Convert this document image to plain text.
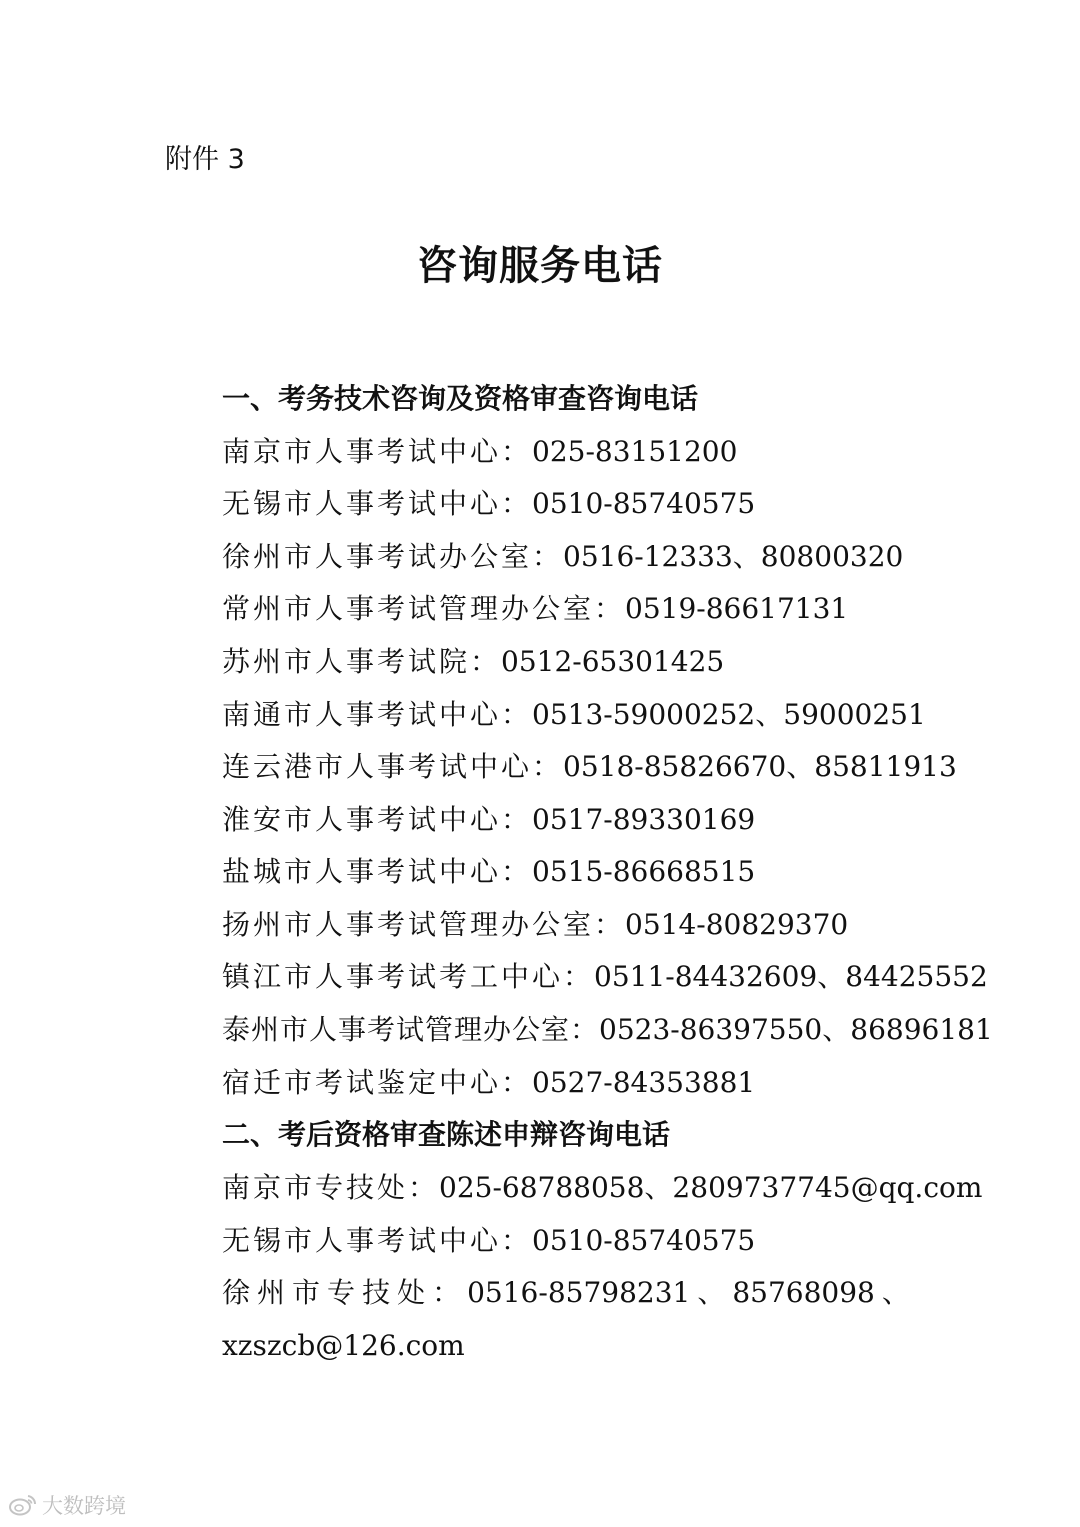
附件 3
咨询服务电话
一、考务技术咨询及资格审查咨询电话
南京市人事考试中心：025-83151200
无锡市人事考试中心：0510-85740575
徐州市人事考试办公室：0516-12333、80800320
常州市人事考试管理办公室：0519-86617131
苏州市人事考试院：0512-65301425
南通市人事考试中心：0513-59000252、59000251
连云港市人事考试中心：0518-85826670、85811913
淮安市人事考试中心：0517-89330169
盐城市人事考试中心：0515-86668515
扬州市人事考试管理办公室：0514-80829370
镇江市人事考试考工中心：0511-84432609、84425552
泰州市人事考试管理办公室：0523-86397550、86896181
宿迁市考试鉴定中心：0527-84353881
二、考后资格审查陈述申辩咨询电话
南京市专技处：025-68788058、2809737745@qq.com
无锡市人事考试中心：0510-85740575
徐 州 市 专 技 处 ： 0516-85798231 、 85768098 、
xzszcb@126.com
大数跨境
